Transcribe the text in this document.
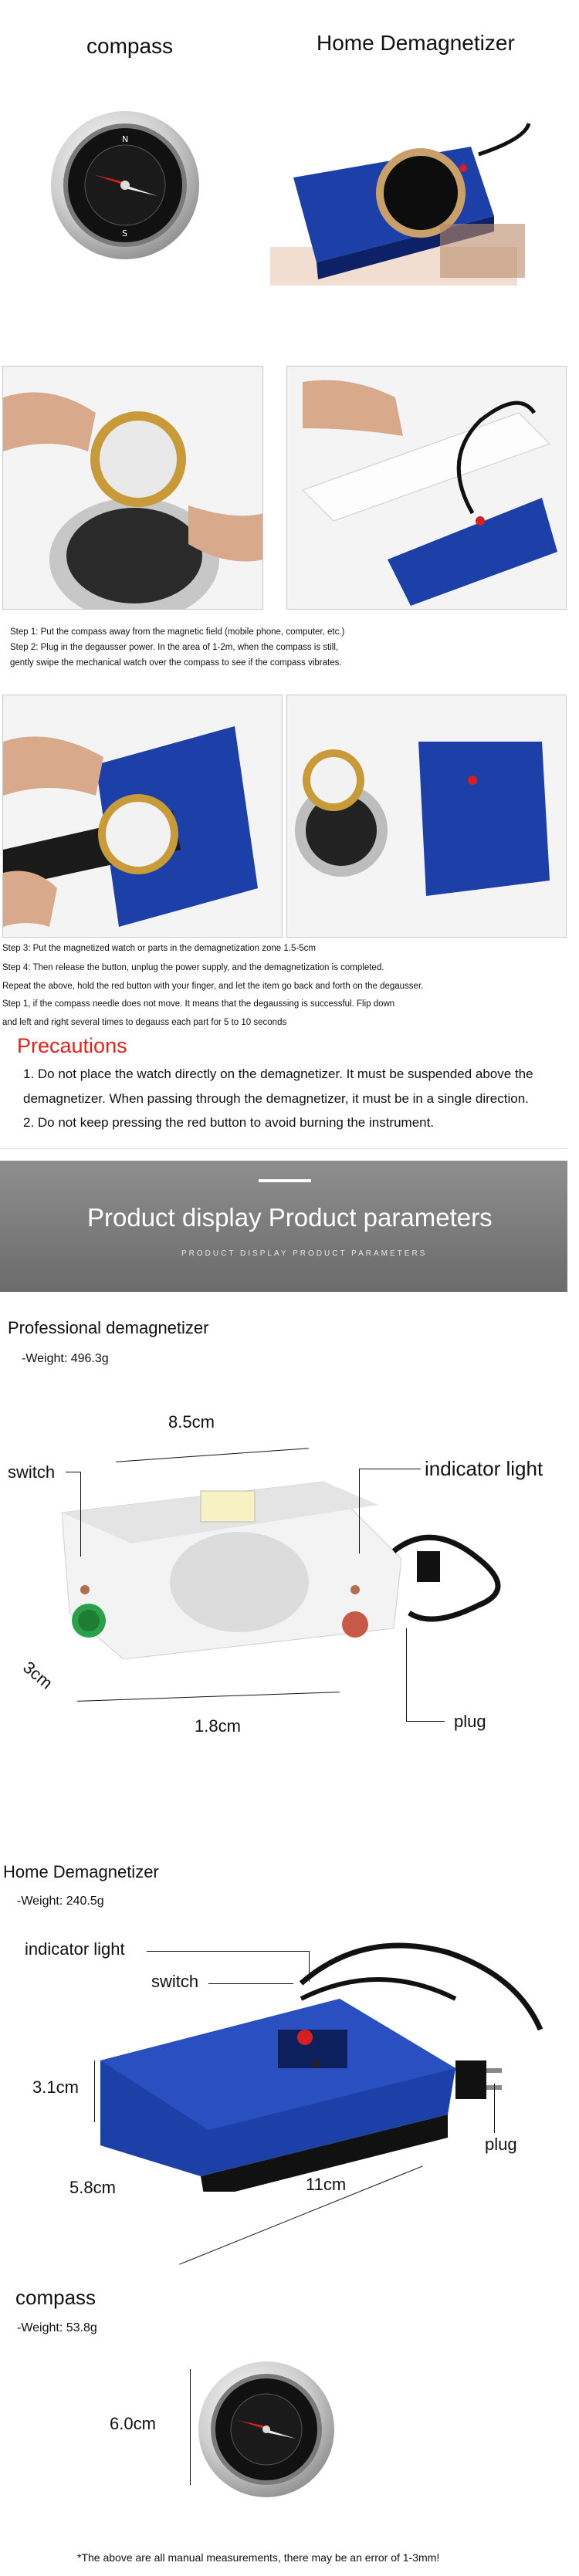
compass	Home Demagnetizer
N
S
Step 1: Put the compass away from the magnetic field (mobile phone, computer, etc.)
Step 2: Plug in the degausser power. In the area of 1-2m, when the compass is still,
gently swipe the mechanical watch over the compass to see if the compass vibrates.
Step 3: Put the magnetized watch or parts in the demagnetization zone 1.5-5cm
Step 4: Then release the button, unplug the power supply, and the demagnetization is completed.
Repeat the above, hold the red button with your finger, and let the item go back and forth on the degausser.
Step 1, if the compass needle does not move. It means that the degaussing is successful. Flip down
and left and right several times to degauss each part for 5 to 10 seconds
Precautions
1. Do not place the watch directly on the demagnetizer. It must be suspended above the
demagnetizer. When passing through the demagnetizer, it must be in a single direction.
2. Do not keep pressing the red button to avoid burning the instrument.
Product display Product parameters
PRODUCT DISPLAY PRODUCT PARAMETERS
Professional demagnetizer
-Weight: 496.3g
8.5cm
switch	indicator light
3cm
1.8cm	plug
Home Demagnetizer
-Weight: 240.5g
indicator light
switch
3.1cm
5.8cm	11cm
plug
compass
-Weight: 53.8g
6.0cm
*The above are all manual measurements, there may be an error of 1-3mm!
